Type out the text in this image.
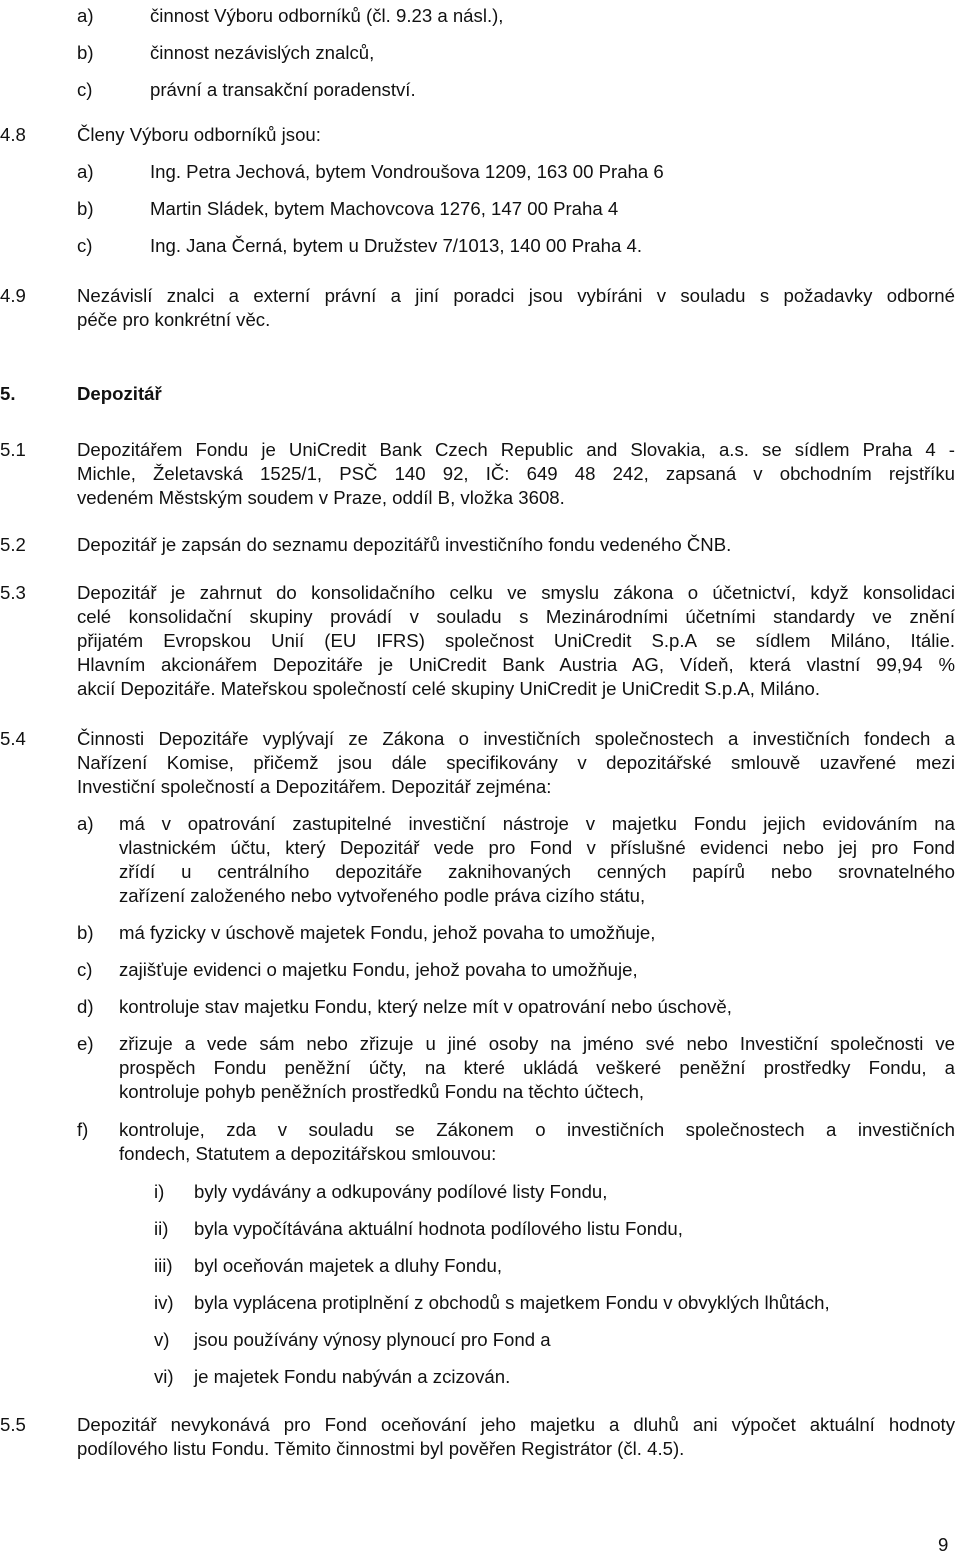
a)	činnost Výboru odborníků (čl. 9.23 a násl.),
b)	činnost nezávislých znalců,
c)	právní a transakční poradenství.
4.8	Členy Výboru odborníků jsou:
a)	Ing. Petra Jechová, bytem Vondroušova 1209, 163 00 Praha 6
b)	Martin Sládek, bytem Machovcova 1276, 147 00 Praha 4
c)	Ing. Jana Černá, bytem u Družstev 7/1013, 140 00 Praha 4.
4.9	Nezávislí znalci a externí právní a jiní poradci jsou vybíráni v souladu s požadavky odborné
péče pro konkrétní věc.
5.	Depozitář
5.1	Depozitářem Fondu je UniCredit Bank Czech Republic and Slovakia, a.s. se sídlem Praha 4 -
Michle, Želetavská 1525/1, PSČ 140 92, IČ: 649 48 242, zapsaná v obchodním rejstříku
vedeném Městským soudem v Praze, oddíl B, vložka 3608.
5.2	Depozitář je zapsán do seznamu depozitářů investičního fondu vedeného ČNB.
5.3	Depozitář je zahrnut do konsolidačního celku ve smyslu zákona o účetnictví, když konsolidaci
celé konsolidační skupiny provádí v souladu s Mezinárodními účetními standardy ve znění
přijatém Evropskou Unií (EU IFRS) společnost UniCredit S.p.A se sídlem Miláno, Itálie.
Hlavním akcionářem Depozitáře je UniCredit Bank Austria AG, Vídeň, která vlastní 99,94 %
akcií Depozitáře. Mateřskou společností celé skupiny UniCredit je UniCredit S.p.A, Miláno.
5.4	Činnosti Depozitáře vyplývají ze Zákona o investičních společnostech a investičních fondech a
Nařízení Komise, přičemž jsou dále specifikovány v depozitářské smlouvě uzavřené mezi
Investiční společností a Depozitářem. Depozitář zejména:
a) má v opatrování zastupitelné investiční nástroje v majetku Fondu jejich evidováním na
vlastnickém účtu, který Depozitář vede pro Fond v příslušné evidenci nebo jej pro Fond
zřídí u centrálního depozitáře zaknihovaných cenných papírů nebo srovnatelného
zařízení založeného nebo vytvořeného podle práva cizího státu,
b) má fyzicky v úschově majetek Fondu, jehož povaha to umožňuje,
c) zajišťuje evidenci o majetku Fondu, jehož povaha to umožňuje,
d) kontroluje stav majetku Fondu, který nelze mít v opatrování nebo úschově,
e) zřizuje a vede sám nebo zřizuje u jiné osoby na jméno své nebo Investiční společnosti ve
prospěch Fondu peněžní účty, na které ukládá veškeré peněžní prostředky Fondu, a
kontroluje pohyb peněžních prostředků Fondu na těchto účtech,
f) kontroluje, zda v souladu se Zákonem o investičních společnostech a investičních
fondech, Statutem a depozitářskou smlouvou:
i) byly vydávány a odkupovány podílové listy Fondu,
ii) byla vypočítávána aktuální hodnota podílového listu Fondu,
iii) byl oceňován majetek a dluhy Fondu,
iv) byla vyplácena protiplnění z obchodů s majetkem Fondu v obvyklých lhůtách,
v) jsou používány výnosy plynoucí pro Fond a
vi) je majetek Fondu nabýván a zcizován.
5.5	Depozitář nevykonává pro Fond oceňování jeho majetku a dluhů ani výpočet aktuální hodnoty
podílového listu Fondu. Těmito činnostmi byl pověřen Registrátor (čl. 4.5).
9
